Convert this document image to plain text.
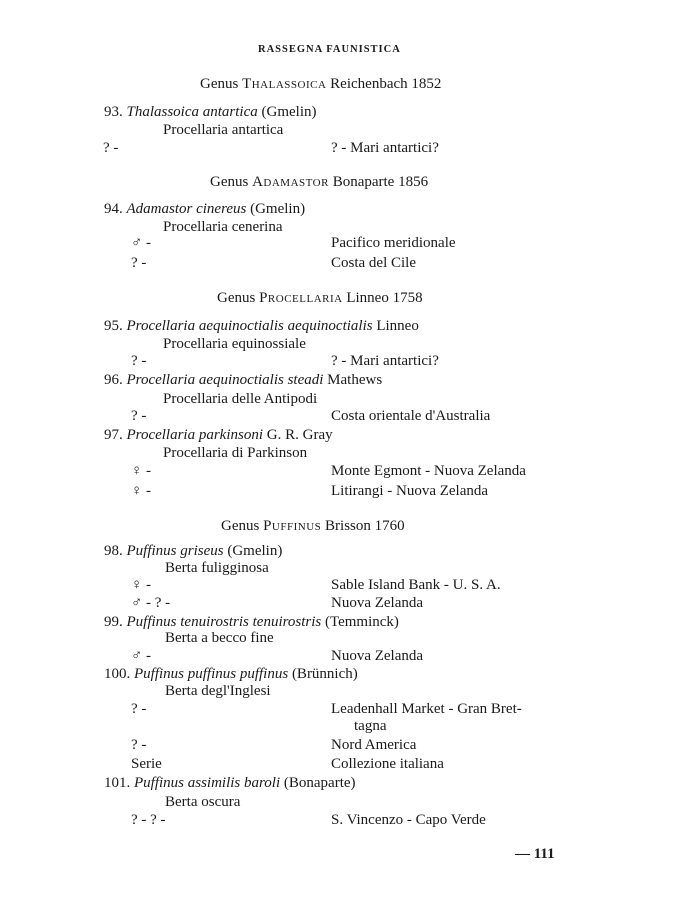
RASSEGNA FAUNISTICA
Genus Thalassoica Reichenbach 1852
93. Thalassoica antartica (Gmelin)
Procellaria antartica
? -	? - Mari antartici?
Genus Adamastor Bonaparte 1856
94. Adamastor cinereus (Gmelin)
Procellaria cenerina
♂ -	Pacifico meridionale
? -	Costa del Cile
Genus Procellaria Linneo 1758
95. Procellaria aequinoctialis aequinoctialis Linneo
Procellaria equinossiale
? -	? - Mari antartici?
96. Procellaria aequinoctialis steadi Mathews
Procellaria delle Antipodi
? -	Costa orientale d'Australia
97. Procellaria parkinsoni G. R. Gray
Procellaria di Parkinson
♀ -	Monte Egmont - Nuova Zelanda
♀ -	Litirangi - Nuova Zelanda
Genus Puffinus Brisson 1760
98. Puffinus griseus (Gmelin)
Berta fuligginosa
♀ -	Sable Island Bank - U. S. A.
♂ - ? -	Nuova Zelanda
99. Puffinus tenuirostris tenuirostris (Temminck)
Berta a becco fine
♂ -	Nuova Zelanda
100. Puffinus puffinus puffinus (Brünnich)
Berta degl'Inglesi
? -	Leadenhall Market - Gran Bret-
tagna
? -	Nord America
Serie	Collezione italiana
101. Puffinus assimilis baroli (Bonaparte)
Berta oscura
? - ? -	S. Vincenzo - Capo Verde
— 111
